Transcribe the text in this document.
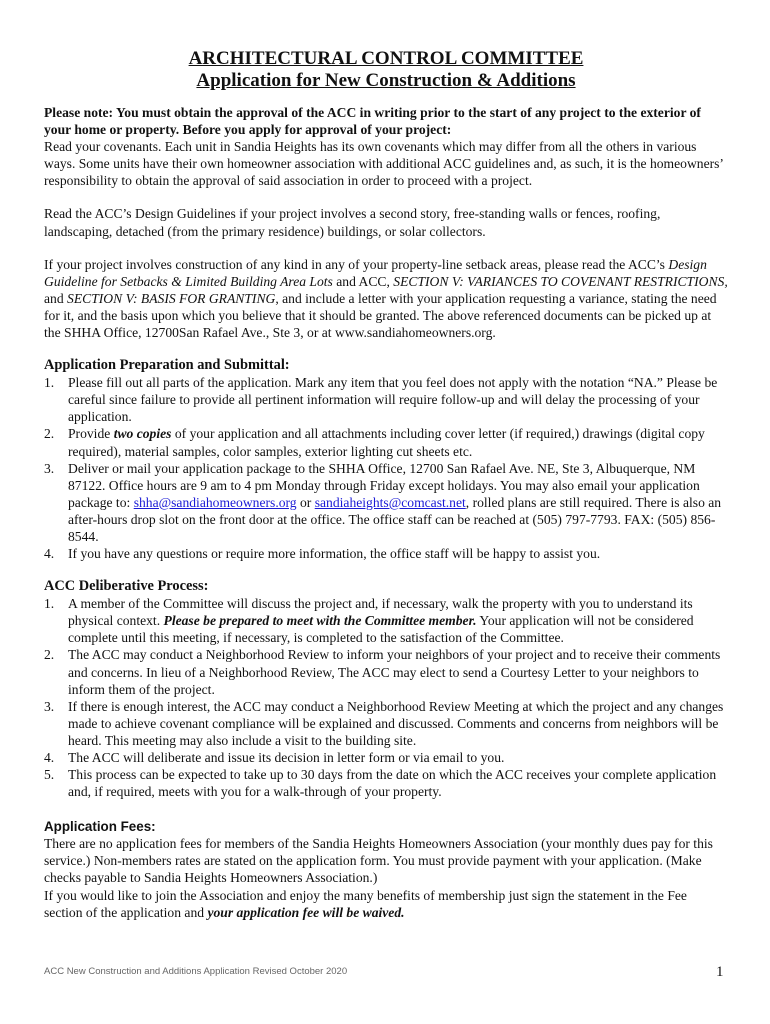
ARCHITECTURAL CONTROL COMMITTEE
Application for New Construction & Additions

Please note: You must obtain the approval of the ACC in writing prior to the start of any project to the exterior of your home or property. Before you apply for approval of your project:

Read your covenants. Each unit in Sandia Heights has its own covenants which may differ from all the others in various ways. Some units have their own homeowner association with additional ACC guidelines and, as such, it is the homeowners’ responsibility to obtain the approval of said association in order to proceed with a project.

Read the ACC’s Design Guidelines if your project involves a second story, free-standing walls or fences, roofing, landscaping, detached (from the primary residence) buildings, or solar collectors.

If your project involves construction of any kind in any of your property-line setback areas, please read the ACC’s Design Guideline for Setbacks & Limited Building Area Lots and ACC, SECTION V: VARIANCES TO COVENANT RESTRICTIONS, and SECTION V: BASIS FOR GRANTING, and include a letter with your application requesting a variance, stating the need for it, and the basis upon which you believe that it should be granted. The above referenced documents can be picked up at the SHHA Office, 12700San Rafael Ave., Ste 3, or at www.sandiahomeowners.org.

Application Preparation and Submittal:
1. Please fill out all parts of the application. Mark any item that you feel does not apply with the notation “NA.” Please be careful since failure to provide all pertinent information will require follow-up and will delay the processing of your application.
2. Provide two copies of your application and all attachments including cover letter (if required,) drawings (digital copy required), material samples, color samples, exterior lighting cut sheets etc.
3. Deliver or mail your application package to the SHHA Office, 12700 San Rafael Ave. NE, Ste 3, Albuquerque, NM 87122. Office hours are 9 am to 4 pm Monday through Friday except holidays. You may also email your application package to: shha@sandiahomeowners.org or sandiaheights@comcast.net, rolled plans are still required. There is also an after-hours drop slot on the front door at the office. The office staff can be reached at (505) 797-7793. FAX: (505) 856-8544.
4. If you have any questions or require more information, the office staff will be happy to assist you.
ACC Deliberative Process:
1. A member of the Committee will discuss the project and, if necessary, walk the property with you to understand its physical context. Please be prepared to meet with the Committee member. Your application will not be considered complete until this meeting, if necessary, is completed to the satisfaction of the Committee.
2. The ACC may conduct a Neighborhood Review to inform your neighbors of your project and to receive their comments and concerns. In lieu of a Neighborhood Review, The ACC may elect to send a Courtesy Letter to your neighbors to inform them of the project.
3. If there is enough interest, the ACC may conduct a Neighborhood Review Meeting at which the project and any changes made to achieve covenant compliance will be explained and discussed. Comments and concerns from neighbors will be heard. This meeting may also include a visit to the building site.
4. The ACC will deliberate and issue its decision in letter form or via email to you.
5. This process can be expected to take up to 30 days from the date on which the ACC receives your complete application and, if required, meets with you for a walk-through of your property.
Application Fees:

There are no application fees for members of the Sandia Heights Homeowners Association (your monthly dues pay for this service.) Non-members rates are stated on the application form. You must provide payment with your application. (Make checks payable to Sandia Heights Homeowners Association.)

If you would like to join the Association and enjoy the many benefits of membership just sign the statement in the Fee section of the application and your application fee will be waived.

ACC New Construction and Additions Application Revised October 2020	1
